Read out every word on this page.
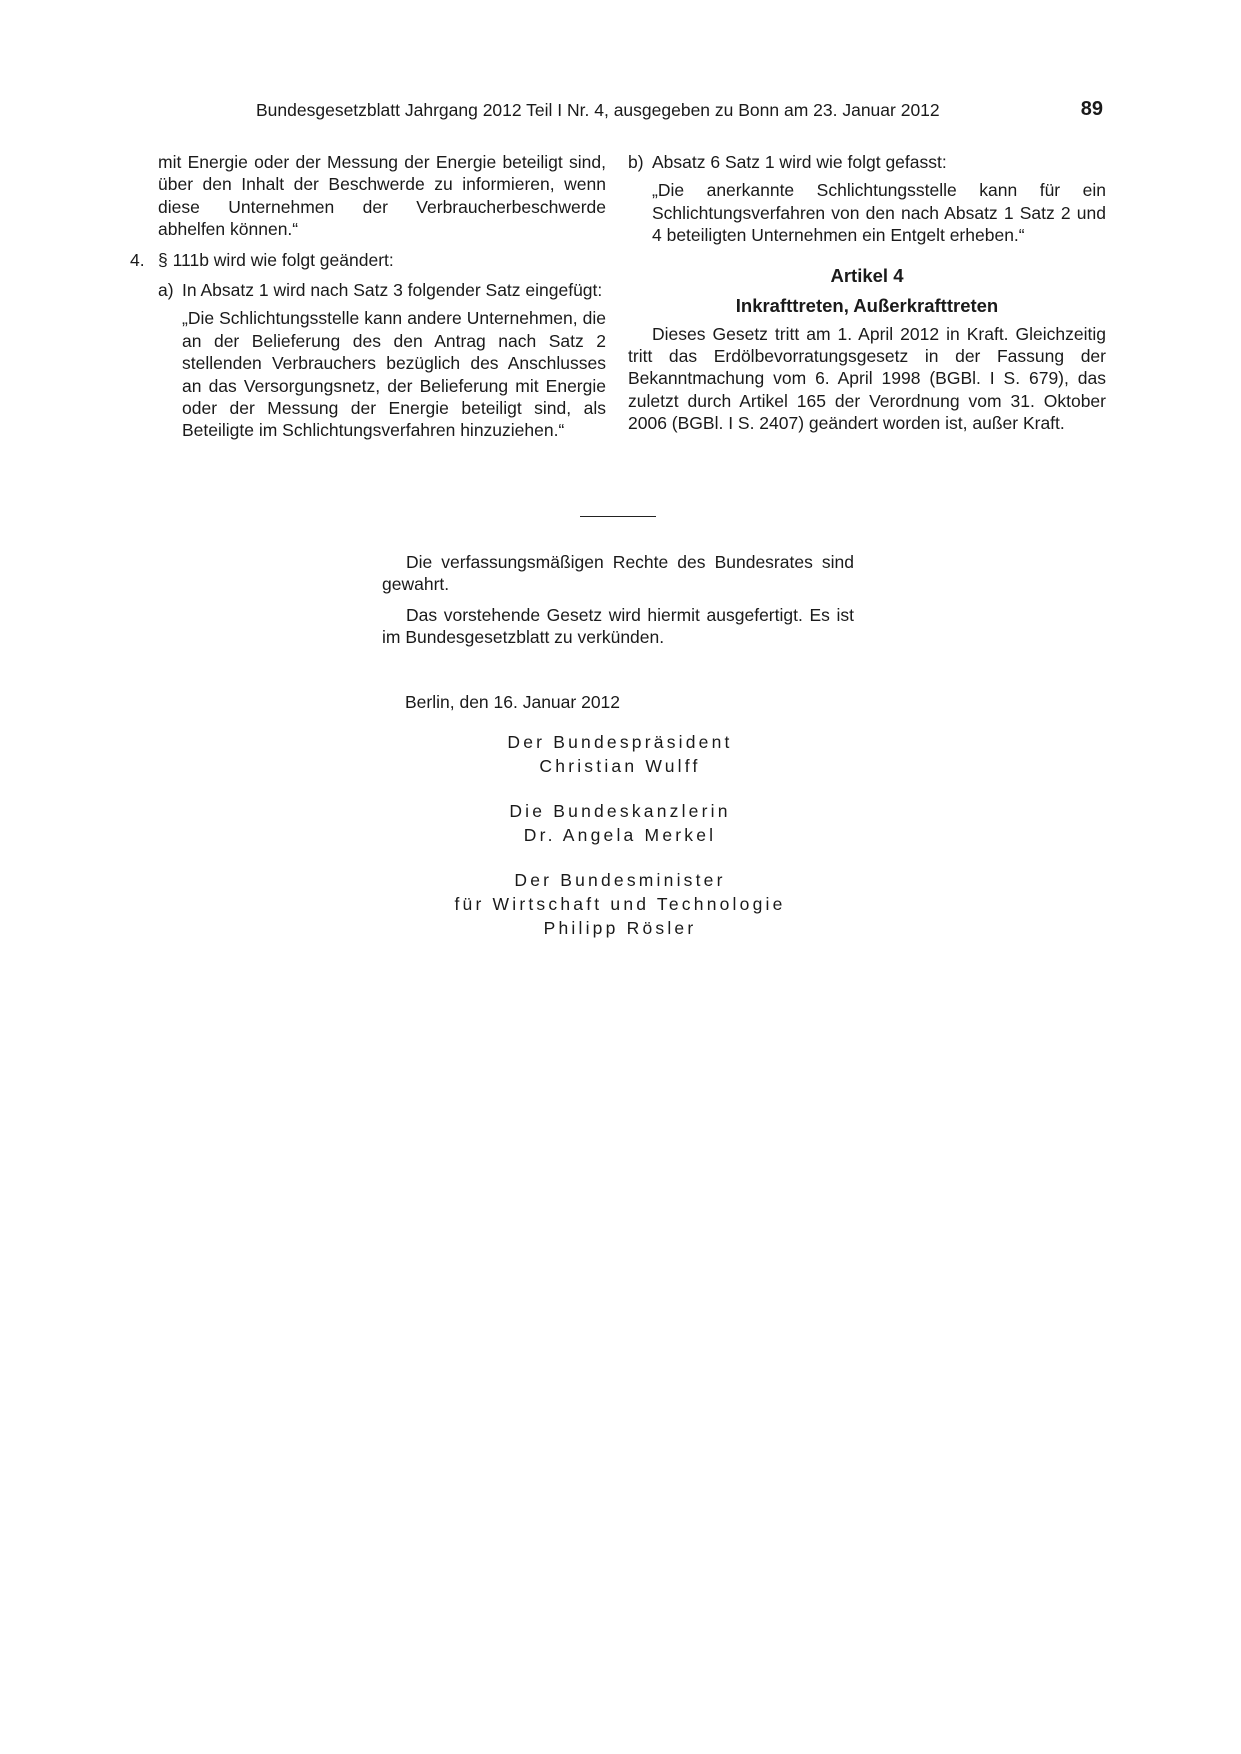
Bundesgesetzblatt Jahrgang 2012 Teil I Nr. 4, ausgegeben zu Bonn am 23. Januar 2012	89

mit Energie oder der Messung der Energie beteiligt sind, über den Inhalt der Beschwerde zu informieren, wenn diese Unternehmen der Verbraucherbeschwerde abhelfen können.“

4. § 111b wird wie folgt geändert:
a) In Absatz 1 wird nach Satz 3 folgender Satz eingefügt:

„Die Schlichtungsstelle kann andere Unternehmen, die an der Belieferung des den Antrag nach Satz 2 stellenden Verbrauchers bezüglich des Anschlusses an das Versorgungsnetz, der Belieferung mit Energie oder der Messung der Energie beteiligt sind, als Beteiligte im Schlichtungsverfahren hinzuziehen.“

b) Absatz 6 Satz 1 wird wie folgt gefasst:

„Die anerkannte Schlichtungsstelle kann für ein Schlichtungsverfahren von den nach Absatz 1 Satz 2 und 4 beteiligten Unternehmen ein Entgelt erheben.“

Artikel 4
Inkrafttreten, Außerkrafttreten

Dieses Gesetz tritt am 1. April 2012 in Kraft. Gleichzeitig tritt das Erdölbevorratungsgesetz in der Fassung der Bekanntmachung vom 6. April 1998 (BGBl. I S. 679), das zuletzt durch Artikel 165 der Verordnung vom 31. Oktober 2006 (BGBl. I S. 2407) geändert worden ist, außer Kraft.

Die verfassungsmäßigen Rechte des Bundesrates sind gewahrt.

Das vorstehende Gesetz wird hiermit ausgefertigt. Es ist im Bundesgesetzblatt zu verkünden.

Berlin, den 16. Januar 2012
Der Bundespräsident
Christian Wulff
Die Bundeskanzlerin
Dr. Angela Merkel
Der Bundesminister
für Wirtschaft und Technologie
Philipp Rösler
